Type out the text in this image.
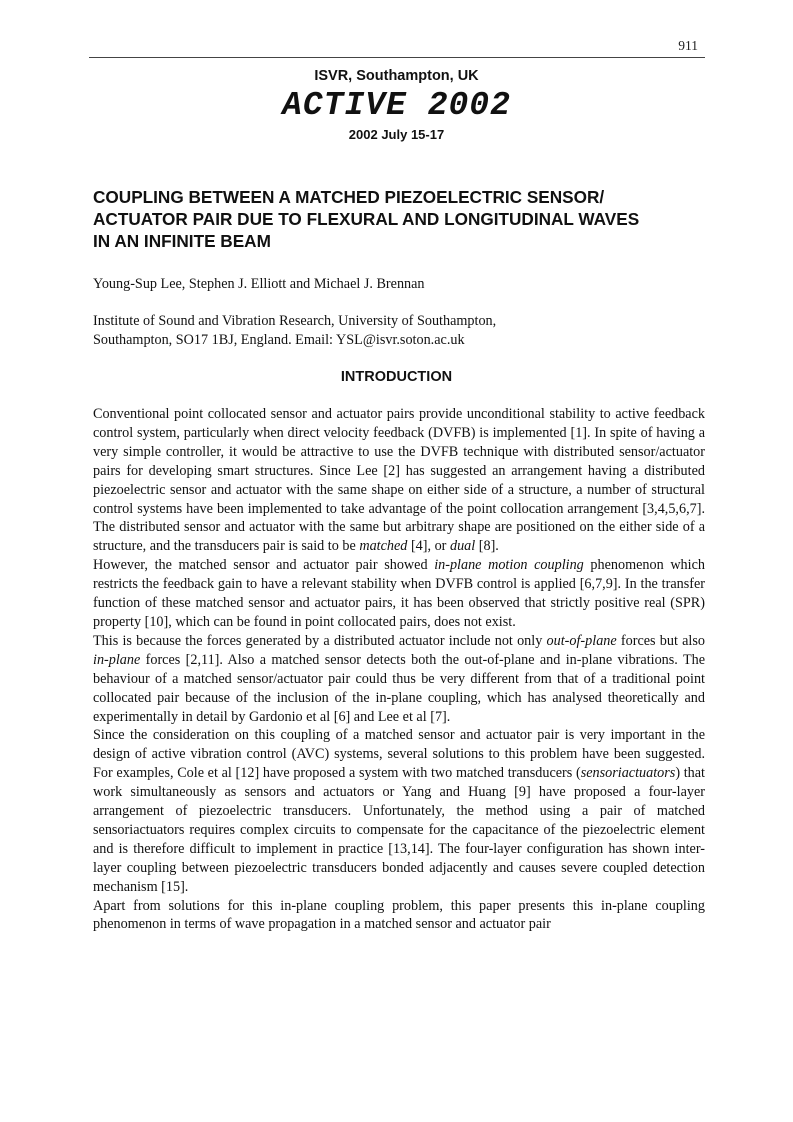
911
ISVR, Southampton, UK
ACTIVE 2002
2002 July 15-17
COUPLING BETWEEN A MATCHED PIEZOELECTRIC SENSOR/
ACTUATOR PAIR DUE TO FLEXURAL AND LONGITUDINAL WAVES
IN AN INFINITE BEAM
Young-Sup Lee, Stephen J. Elliott and Michael J. Brennan
Institute of Sound and Vibration Research, University of Southampton,
Southampton, SO17 1BJ, England. Email: YSL@isvr.soton.ac.uk
INTRODUCTION

Conventional point collocated sensor and actuator pairs provide unconditional stability to active feedback control system, particularly when direct velocity feedback (DVFB) is implemented [1]. In spite of having a very simple controller, it would be attractive to use the DVFB technique with distributed sensor/actuator pairs for developing smart structures. Since Lee [2] has suggested an arrangement having a distributed piezoelectric sensor and actuator with the same shape on either side of a structure, a number of structural control systems have been implemented to take advantage of the point collocation arrangement [3,4,5,6,7]. The distributed sensor and actuator with the same but arbitrary shape are positioned on the either side of a structure, and the transducers pair is said to be matched [4], or dual [8].

However, the matched sensor and actuator pair showed in-plane motion coupling phenomenon which restricts the feedback gain to have a relevant stability when DVFB control is applied [6,7,9]. In the transfer function of these matched sensor and actuator pairs, it has been observed that strictly positive real (SPR) property [10], which can be found in point collocated pairs, does not exist.

This is because the forces generated by a distributed actuator include not only out-of-plane forces but also in-plane forces [2,11]. Also a matched sensor detects both the out-of-plane and in-plane vibrations. The behaviour of a matched sensor/actuator pair could thus be very different from that of a traditional point collocated pair because of the inclusion of the in-plane coupling, which has analysed theoretically and experimentally in detail by Gardonio et al [6] and Lee et al [7].

Since the consideration on this coupling of a matched sensor and actuator pair is very important in the design of active vibration control (AVC) systems, several solutions to this problem have been suggested. For examples, Cole et al [12] have proposed a system with two matched transducers (sensoriactuators) that work simultaneously as sensors and actuators or Yang and Huang [9] have proposed a four-layer arrangement of piezoelectric transducers. Unfortunately, the method using a pair of matched sensoriactuators requires complex circuits to compensate for the capacitance of the piezoelectric element and is therefore difficult to implement in practice [13,14]. The four-layer configuration has shown inter-layer coupling between piezoelectric transducers bonded adjacently and causes severe coupled detection mechanism [15].

Apart from solutions for this in-plane coupling problem, this paper presents this in-plane coupling phenomenon in terms of wave propagation in a matched sensor and actuator pair
